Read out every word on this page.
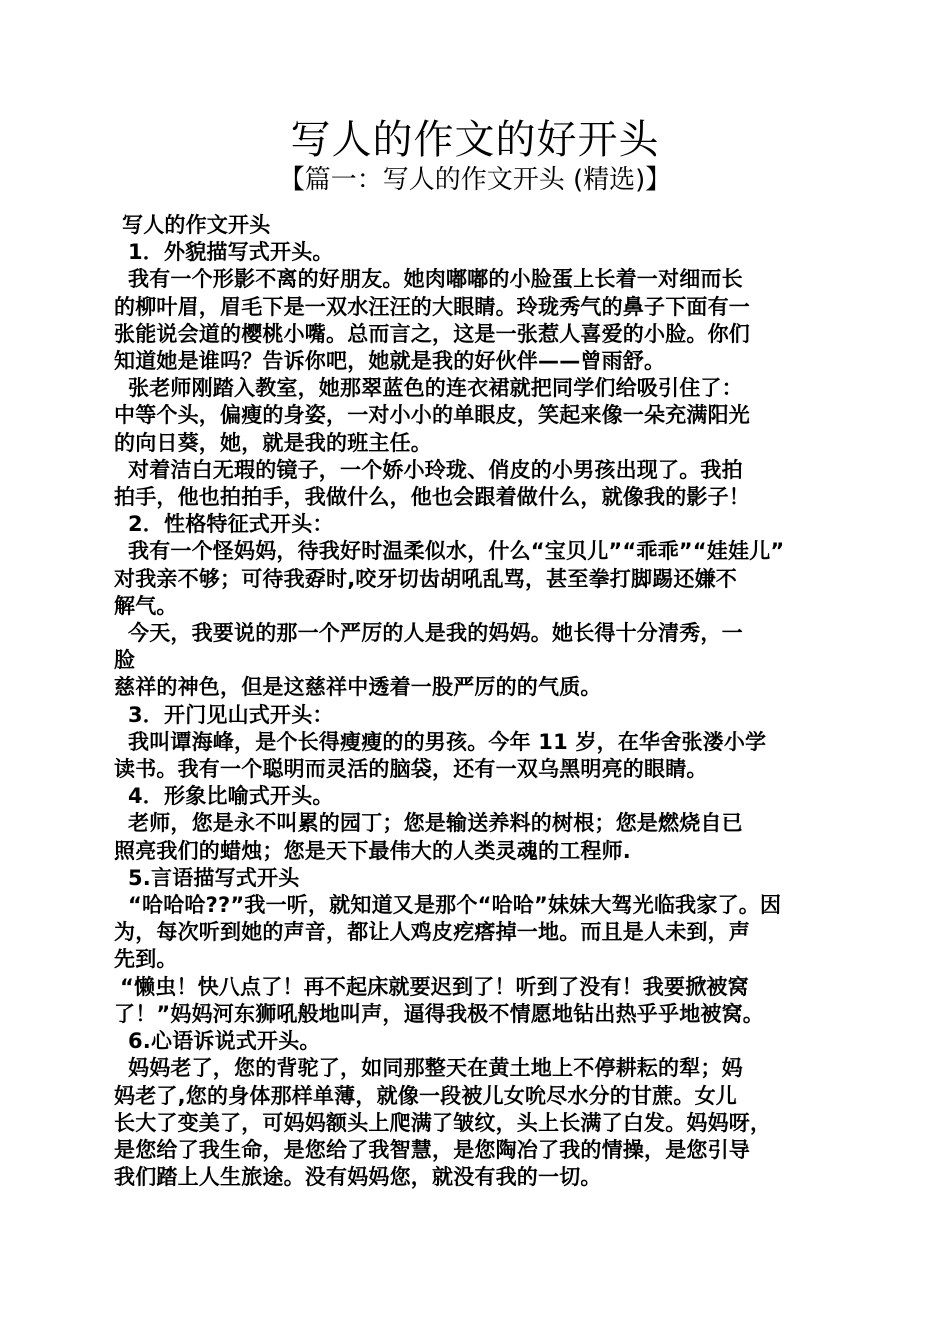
写人的作文的好开头
【篇一：写人的作文开头 (精选)】

写人的作文开头

1．外貌描写式开头。

我有一个形影不离的好朋友。她肉嘟嘟的小脸蛋上长着一对细而长

的柳叶眉，眉毛下是一双水汪汪的大眼睛。玲珑秀气的鼻子下面有一

张能说会道的樱桃小嘴。总而言之，这是一张惹人喜爱的小脸。你们

知道她是谁吗？告诉你吧，她就是我的好伙伴——曾雨舒。

张老师刚踏入教室，她那翠蓝色的连衣裙就把同学们给吸引住了：

中等个头，偏瘦的身姿，一对小小的单眼皮，笑起来像一朵充满阳光

的向日葵，她，就是我的班主任。

对着洁白无瑕的镜子，一个娇小玲珑、俏皮的小男孩出现了。我拍

拍手，他也拍拍手，我做什么，他也会跟着做什么，就像我的影子！

2．性格特征式开头：

我有一个怪妈妈，待我好时温柔似水，什么“宝贝儿”“乖乖”“娃娃儿”

对我亲不够；可待我孬时,咬牙切齿胡吼乱骂，甚至拳打脚踢还嫌不

解气。

今天，我要说的那一个严厉的人是我的妈妈。她长得十分清秀，一

脸

慈祥的神色，但是这慈祥中透着一股严厉的的气质。

3．开门见山式开头：

我叫谭海峰，是个长得瘦瘦的的男孩。今年 11 岁，在华舍张溇小学

读书。我有一个聪明而灵活的脑袋，还有一双乌黑明亮的眼睛。

4．形象比喻式开头。

老师，您是永不叫累的园丁；您是输送养料的树根；您是燃烧自已

照亮我们的蜡烛；您是天下最伟大的人类灵魂的工程师.

5.言语描写式开头

“哈哈哈??”我一听，就知道又是那个“哈哈”妹妹大驾光临我家了。因

为，每次听到她的声音，都让人鸡皮疙瘩掉一地。而且是人未到，声

先到。

“懒虫！快八点了！再不起床就要迟到了！听到了没有！我要掀被窝

了！”妈妈河东狮吼般地叫声，逼得我极不情愿地钻出热乎乎地被窝。

6.心语诉说式开头。

妈妈老了，您的背驼了，如同那整天在黄土地上不停耕耘的犁；妈

妈老了,您的身体那样单薄，就像一段被儿女吮尽水分的甘蔗。女儿

长大了变美了，可妈妈额头上爬满了皱纹，头上长满了白发。妈妈呀，

是您给了我生命，是您给了我智慧，是您陶冶了我的情操，是您引导

我们踏上人生旅途。没有妈妈您，就没有我的一切。
